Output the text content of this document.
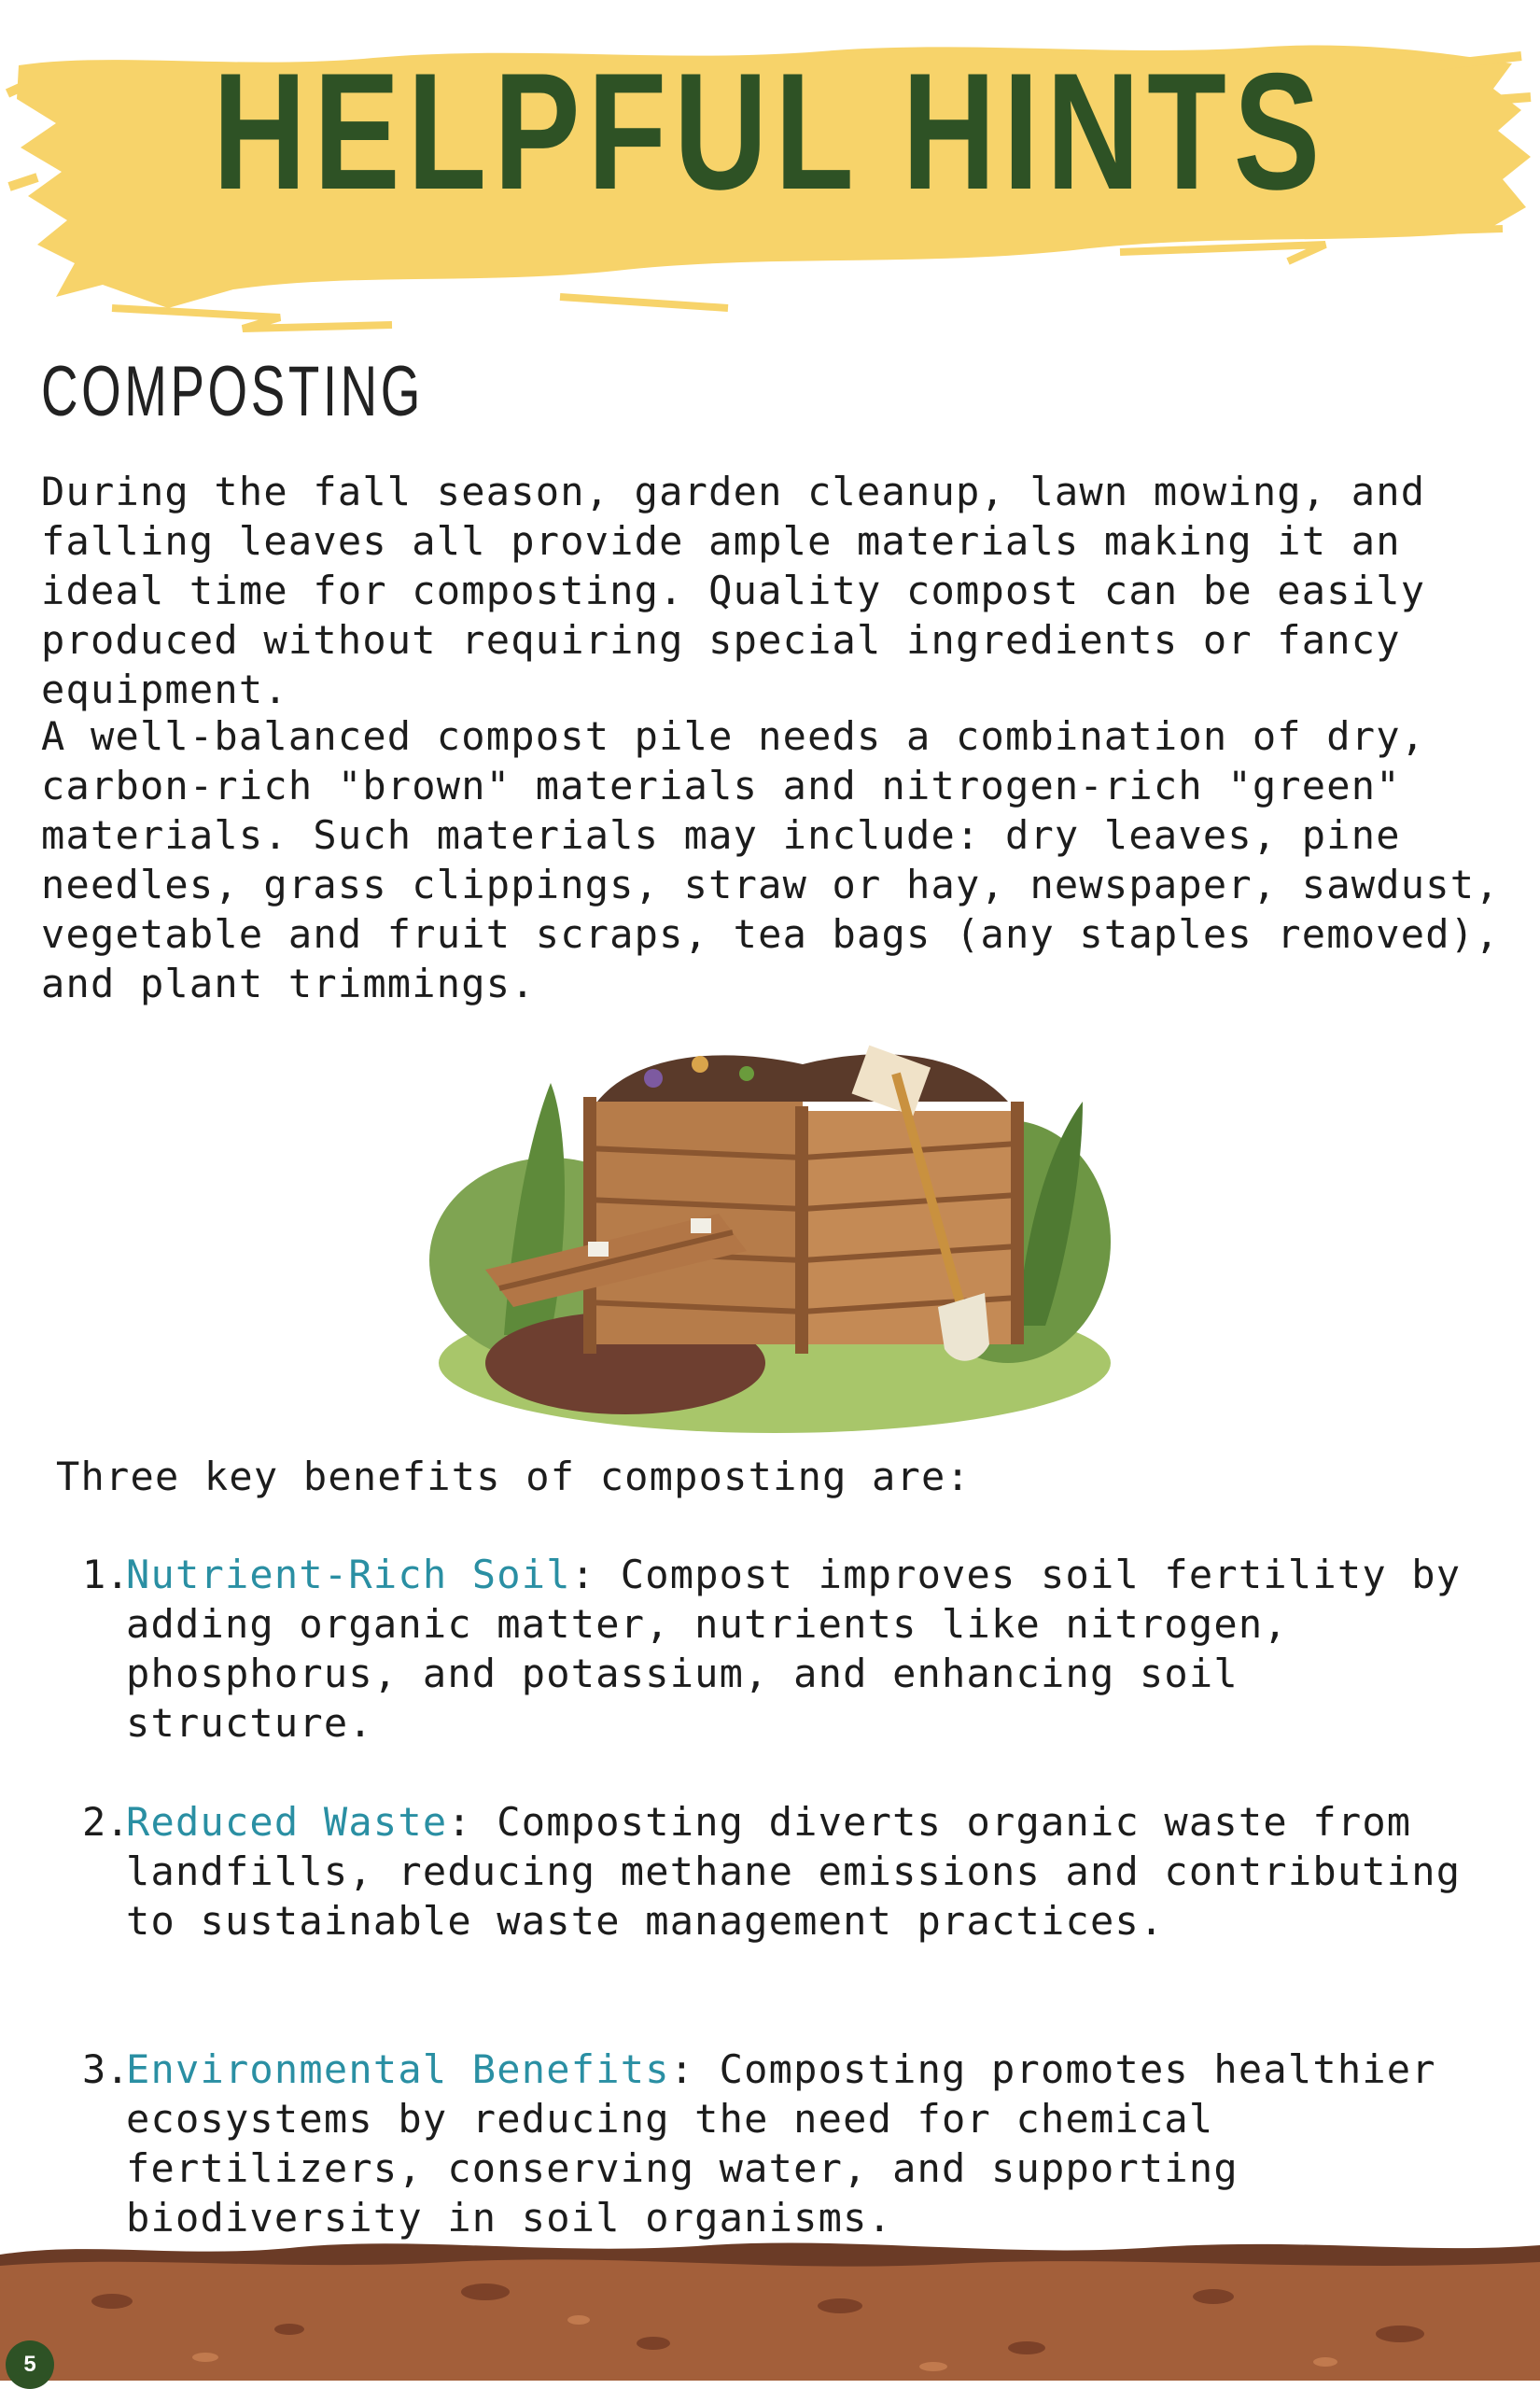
HELPFUL HINTS
COMPOSTING

During the fall season, garden cleanup, lawn mowing, and falling leaves all provide ample materials making it an ideal time for composting. Quality compost can be easily produced without requiring special ingredients or fancy equipment.

A well-balanced compost pile needs a combination of dry, carbon-rich "brown" materials and nitrogen-rich "green" materials. Such materials may include: dry leaves, pine needles, grass clippings, straw or hay, newspaper, sawdust, vegetable and fruit scraps, tea bags (any staples removed), and plant trimmings.

Three key benefits of composting are:
1.
Nutrient-Rich Soil: Compost improves soil fertility by adding organic matter, nutrients like nitrogen, phosphorus, and potassium, and enhancing soil structure.
2.
Reduced Waste: Composting diverts organic waste from landfills, reducing methane emissions and contributing to sustainable waste management practices.
3.
Environmental Benefits: Composting promotes healthier ecosystems by reducing the need for chemical fertilizers, conserving water, and supporting biodiversity in soil organisms.
5
